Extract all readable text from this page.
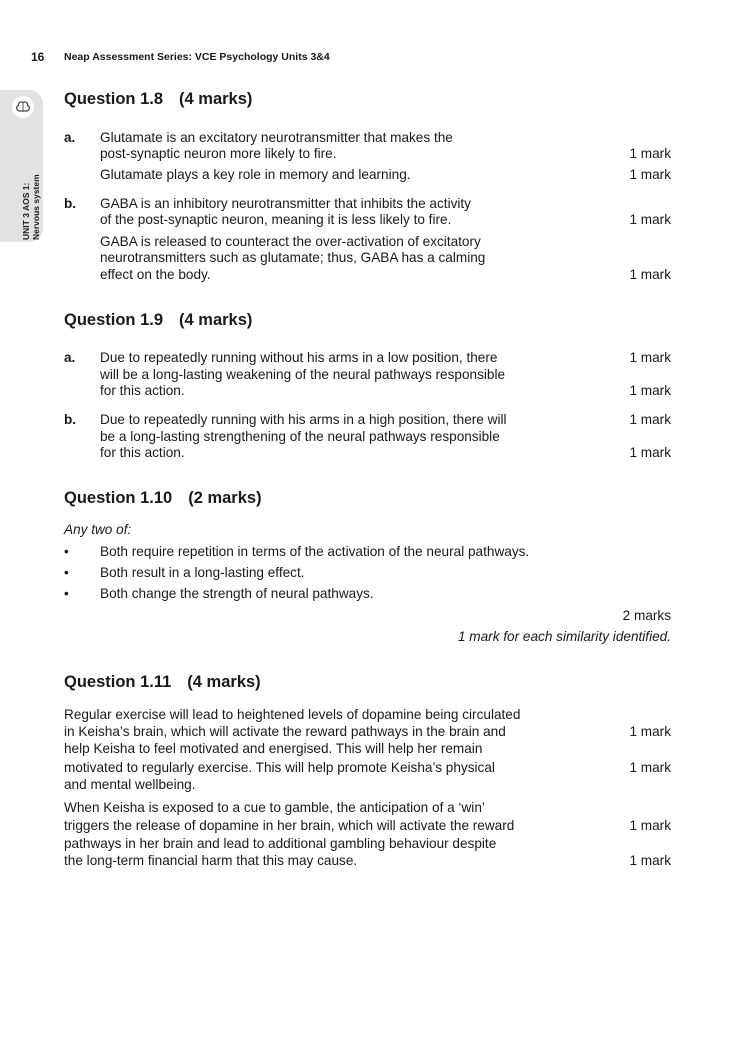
16 Neap Assessment Series: VCE Psychology Units 3&4
UNIT 3 AOS 1: Nervous system
Question 1.8 (4 marks)
a. Glutamate is an excitatory neurotransmitter that makes the
post-synaptic neuron more likely to fire.	1 mark
Glutamate plays a key role in memory and learning.	1 mark
b. GABA is an inhibitory neurotransmitter that inhibits the activity
of the post-synaptic neuron, meaning it is less likely to fire.	1 mark
GABA is released to counteract the over-activation of excitatory
neurotransmitters such as glutamate; thus, GABA has a calming
effect on the body.	1 mark
Question 1.9 (4 marks)
a. Due to repeatedly running without his arms in a low position, there	1 mark
will be a long-lasting weakening of the neural pathways responsible
for this action.	1 mark
b. Due to repeatedly running with his arms in a high position, there will	1 mark
be a long-lasting strengthening of the neural pathways responsible
for this action.	1 mark
Question 1.10 (2 marks)
Any two of:
• Both require repetition in terms of the activation of the neural pathways.
• Both result in a long-lasting effect.
• Both change the strength of neural pathways.
2 marks
1 mark for each similarity identified.
Question 1.11 (4 marks)
Regular exercise will lead to heightened levels of dopamine being circulated
in Keisha’s brain, which will activate the reward pathways in the brain and	1 mark
help Keisha to feel motivated and energised. This will help her remain
motivated to regularly exercise. This will help promote Keisha’s physical	1 mark
and mental wellbeing.
When Keisha is exposed to a cue to gamble, the anticipation of a ‘win’
triggers the release of dopamine in her brain, which will activate the reward	1 mark
pathways in her brain and lead to additional gambling behaviour despite
the long-term financial harm that this may cause.	1 mark
